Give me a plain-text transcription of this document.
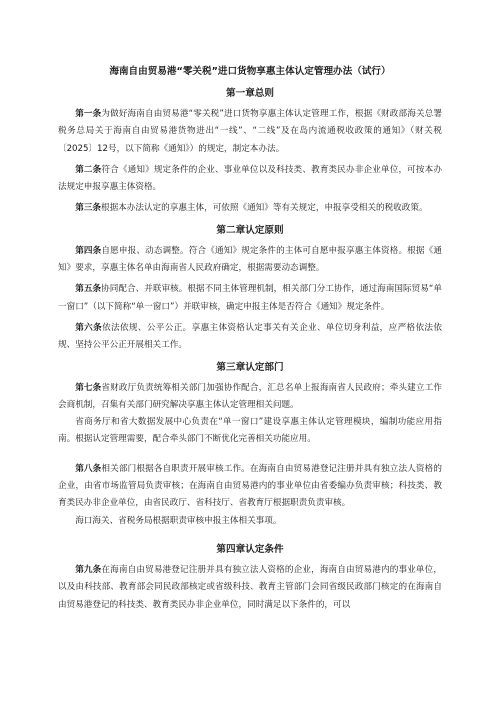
海南自由贸易港“零关税”进口货物享惠主体认定管理办法（试行）
第一章总则

第一条为做好海南自由贸易港“零关税”进口货物享惠主体认定管理工作，根据《财政部海关总署税务总局关于海南自由贸易港货物进出“一线”、“二线”及在岛内流通税收政策的通知》（财关税〔2025〕12号，以下简称《通知》）的规定，制定本办法。

第二条符合《通知》规定条件的企业、事业单位以及科技类、教育类民办非企业单位，可按本办法规定申报享惠主体资格。

第三条根据本办法认定的享惠主体，可依照《通知》等有关规定，申报享受相关的税收政策。

第二章认定原则

第四条自愿申报、动态调整。符合《通知》规定条件的主体可自愿申报享惠主体资格。根据《通知》要求，享惠主体名单由海南省人民政府确定，根据需要动态调整。

第五条协同配合、并联审核。根据不同主体管理机制，相关部门分工协作，通过海南国际贸易“单一窗口”（以下简称“单一窗口”）并联审核，确定申报主体是否符合《通知》规定条件。

第六条依法依规、公平公正。享惠主体资格认定事关有关企业、单位切身利益，应严格依法依规、坚持公平公正开展相关工作。

第三章认定部门

第七条省财政厅负责统筹相关部门加强协作配合，汇总名单上报海南省人民政府；牵头建立工作会商机制，召集有关部门研究解决享惠主体认定管理相关问题。

省商务厅和省大数据发展中心负责在“单一窗口”建设享惠主体认定管理模块，编制功能应用指南。根据认定管理需要，配合牵头部门不断优化完善相关功能应用。

第八条相关部门根据各自职责开展审核工作。在海南自由贸易港登记注册并具有独立法人资格的企业，由省市场监管局负责审核；在海南自由贸易港内的事业单位由省委编办负责审核；科技类、教育类民办非企业单位，由省民政厅、省科技厅、省教育厅根据职责负责审核。

海口海关、省税务局根据职责审核申报主体相关事项。

第四章认定条件

第九条在海南自由贸易港登记注册并具有独立法人资格的企业，海南自由贸易港内的事业单位，以及由科技部、教育部会同民政部核定或省级科技、教育主管部门会同省级民政部门核定的在海南自由贸易港登记的科技类、教育类民办非企业单位，同时满足以下条件的，可以
